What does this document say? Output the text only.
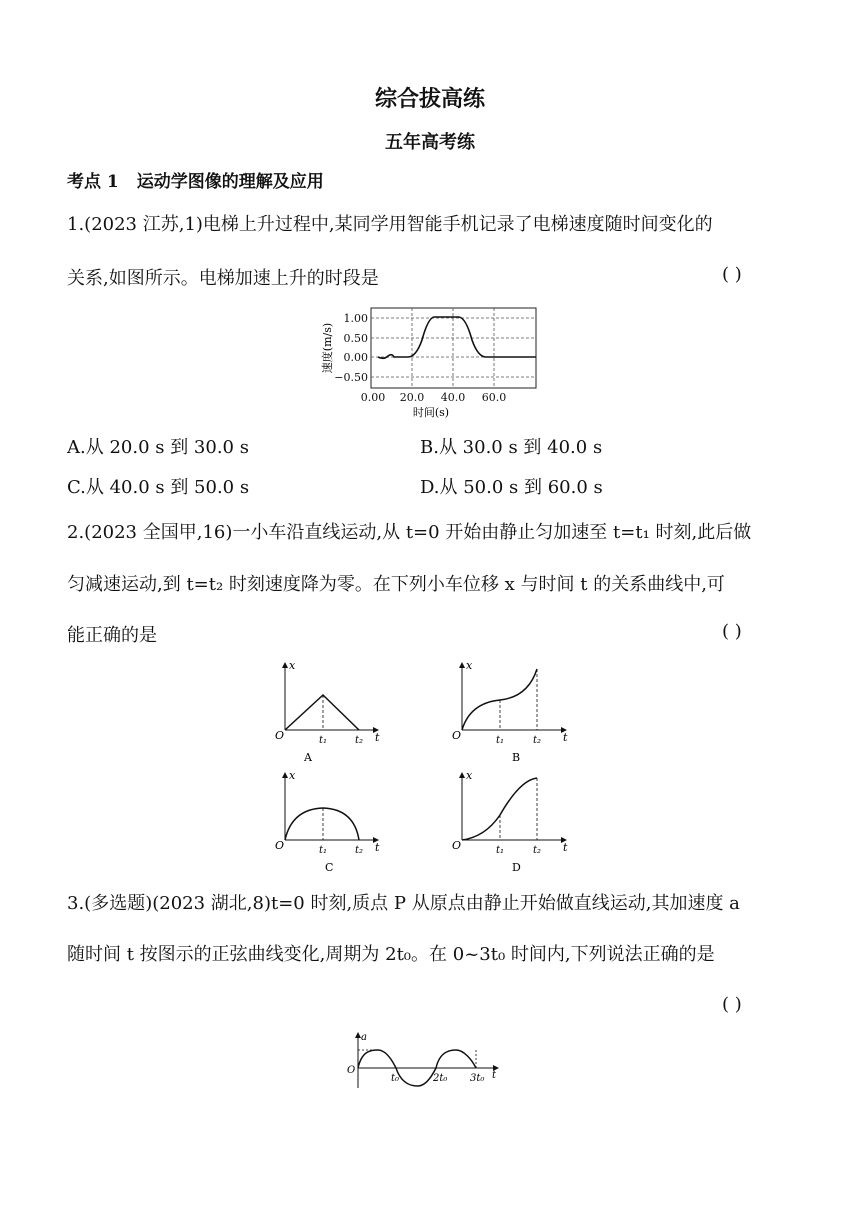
综合拔高练
五年高考练
考点 1 运动学图像的理解及应用
1.(2023 江苏,1)电梯上升过程中,某同学用智能手机记录了电梯速度随时间变化的
关系,如图所示。电梯加速上升的时段是	( )
1.00
0.50
0.00
−0.50
0.00 20.0 40.0 60.0
时间(s)
速度(m/s)
A.从 20.0 s 到 30.0 s	B.从 30.0 s 到 40.0 s
C.从 40.0 s 到 50.0 s	D.从 50.0 s 到 60.0 s
2.(2023 全国甲,16)一小车沿直线运动,从 t=0 开始由静止匀加速至 t=t₁ 时刻,此后做
匀减速运动,到 t=t₂ 时刻速度降为零。在下列小车位移 x 与时间 t 的关系曲线中,可
能正确的是	( )
x
O	t₁	t₂ t
A
x
O	t₁	t₂ t
B
x
O	t₁	t₂ t
C
x
O	t₁	t₂ t
D
3.(多选题)(2023 湖北,8)t=0 时刻,质点 P 从原点由静止开始做直线运动,其加速度 a
随时间 t 按图示的正弦曲线变化,周期为 2t₀。在 0~3t₀ 时间内,下列说法正确的是
( )
a
O
t₀	2t₀ 3t₀ t
